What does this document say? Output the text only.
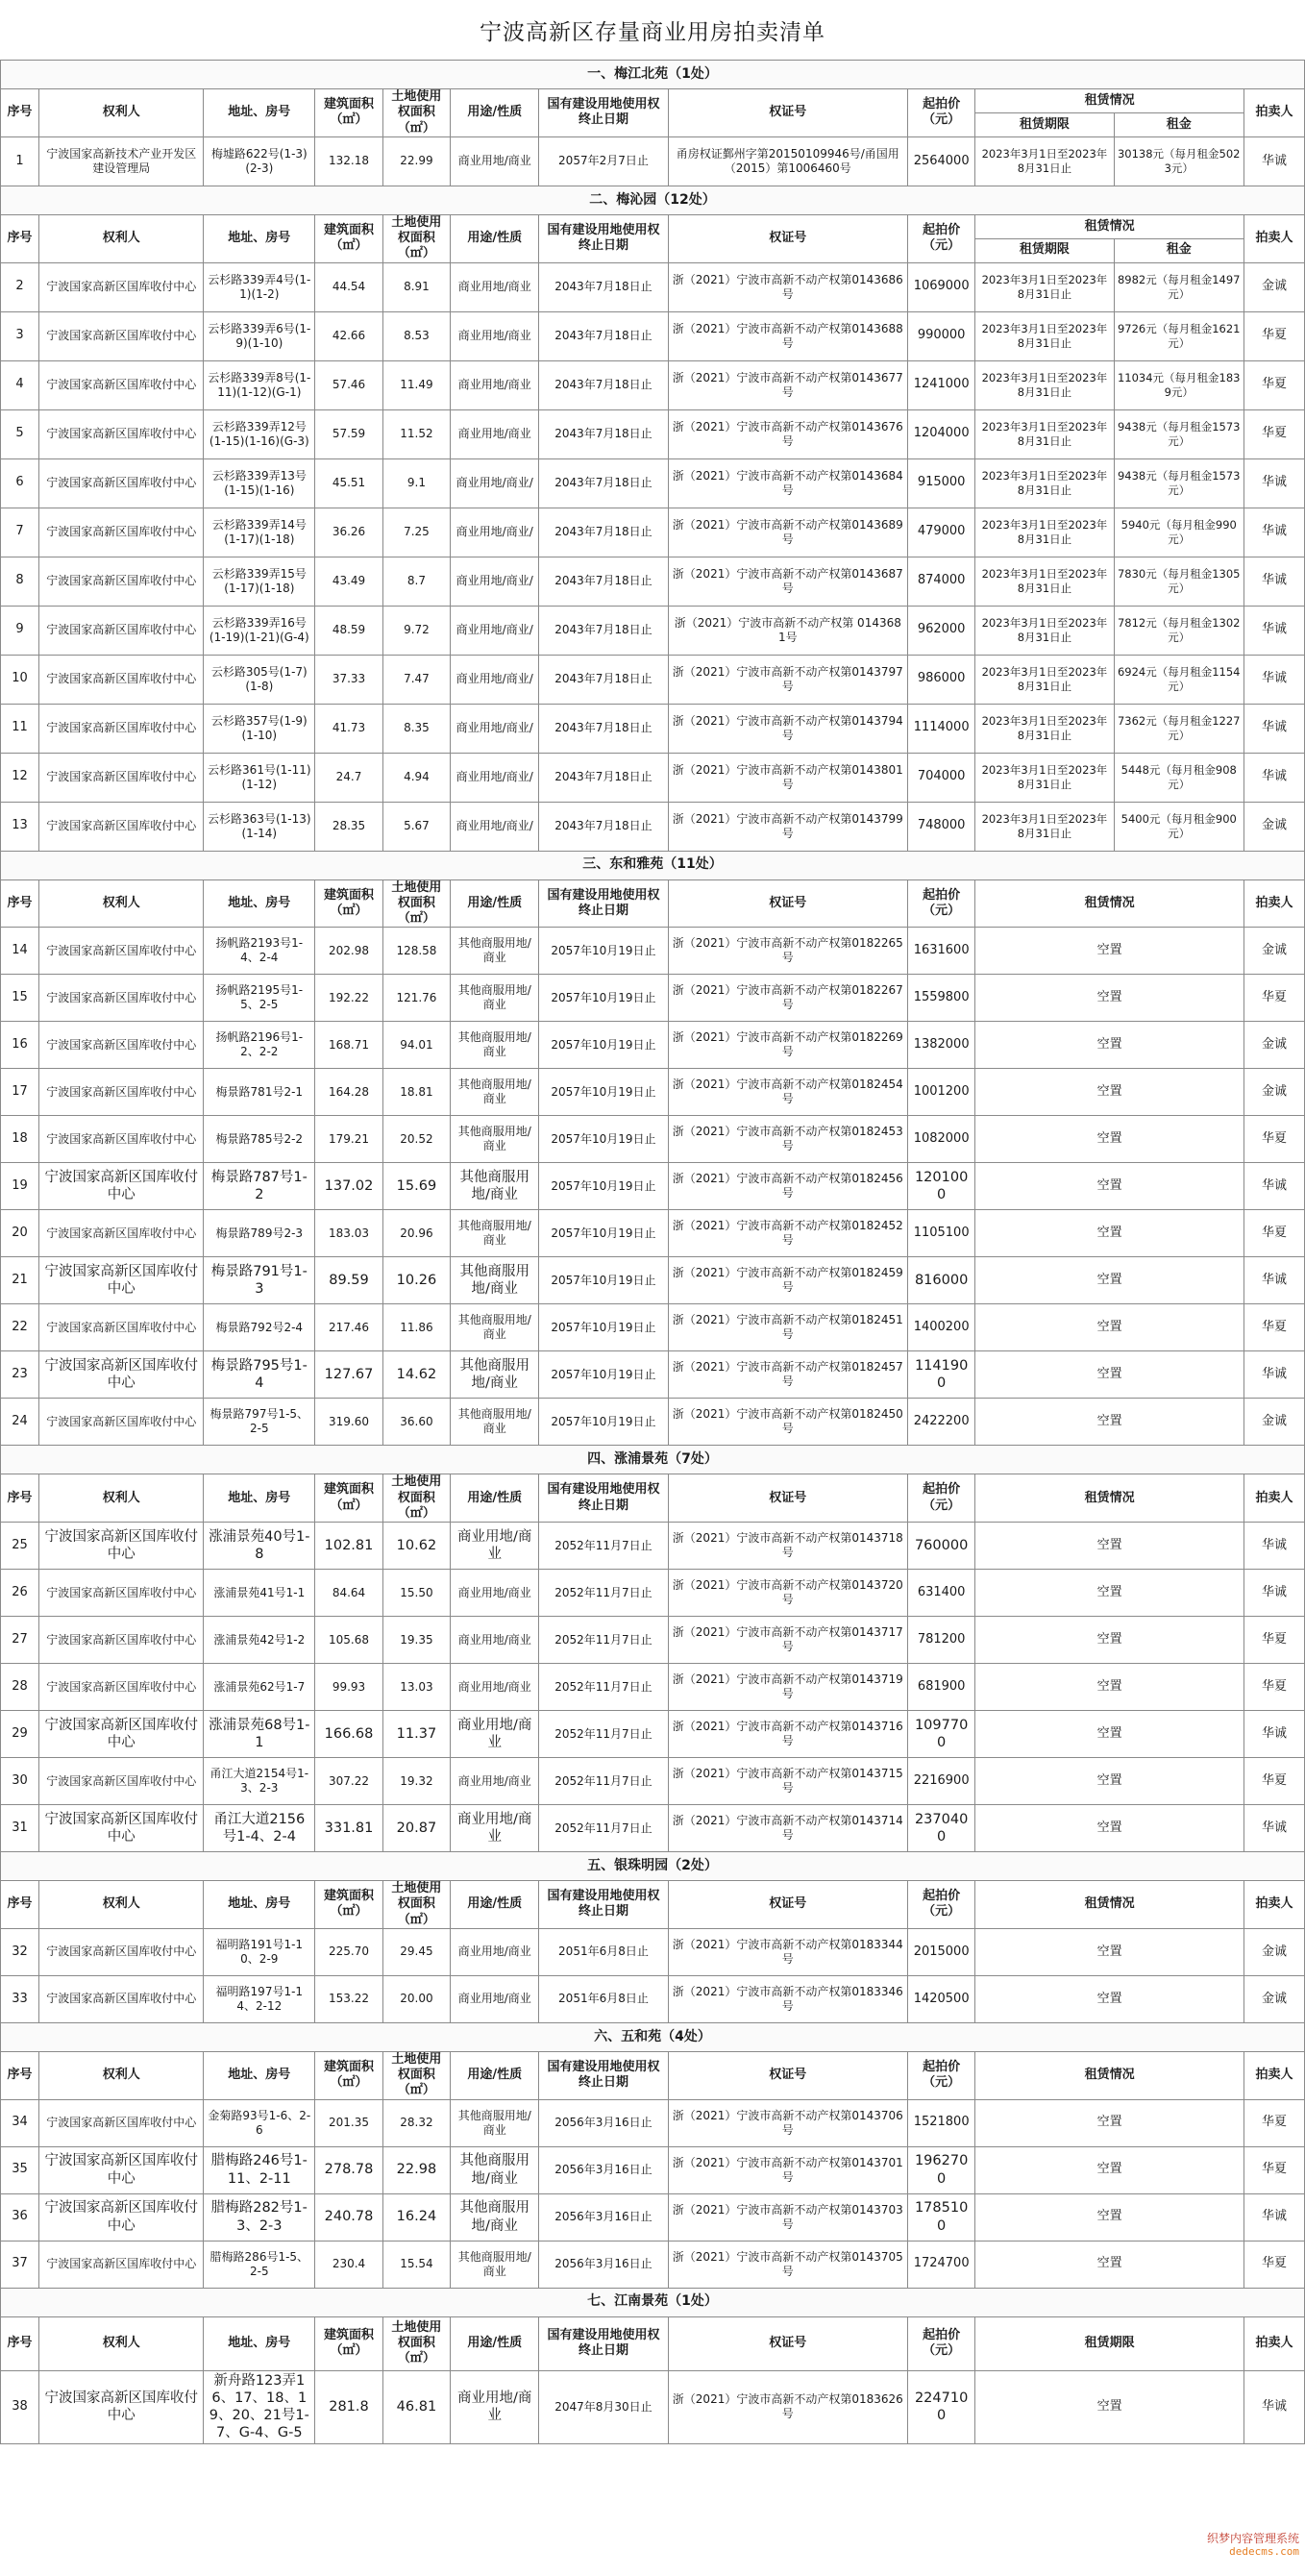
宁波高新区存量商业用房拍卖清单
一、梅江北苑（1处）											
序号	权利人	地址、房号	建筑面积（㎡）	土地使用权面积（㎡）	用途/性质	国有建设用地使用权终止日期	权证号	起拍价（元）	租赁情况		拍卖人
									租赁期限	租金	
1	宁波国家高新技术产业开发区建设管理局	梅墟路622号(1-3)(2-3)	132.18	22.99	商业用地/商业	2057年2月7日止	甬房权证鄞州字第20150109946号/甬国用（2015）第1006460号	2564000	2023年3月1日至2023年8月31日止	30138元（每月租金5023元）	华诚
二、梅沁园（12处）											
序号	权利人	地址、房号	建筑面积（㎡）	土地使用权面积（㎡）	用途/性质	国有建设用地使用权终止日期	权证号	起拍价（元）	租赁情况		拍卖人
									租赁期限	租金	
2	宁波国家高新区国库收付中心	云杉路339弄4号(1-1)(1-2)	44.54	8.91	商业用地/商业	2043年7月18日止	浙（2021）宁波市高新不动产权第0143686号	1069000	2023年3月1日至2023年8月31日止	8982元（每月租金1497元）	金诚
3	宁波国家高新区国库收付中心	云杉路339弄6号(1-9)(1-10)	42.66	8.53	商业用地/商业	2043年7月18日止	浙（2021）宁波市高新不动产权第0143688号	990000	2023年3月1日至2023年8月31日止	9726元（每月租金1621元）	华夏
4	宁波国家高新区国库收付中心	云杉路339弄8号(1-11)(1-12)(G-1)	57.46	11.49	商业用地/商业	2043年7月18日止	浙（2021）宁波市高新不动产权第0143677号	1241000	2023年3月1日至2023年8月31日止	11034元（每月租金1839元）	华夏
5	宁波国家高新区国库收付中心	云杉路339弄12号(1-15)(1-16)(G-3)	57.59	11.52	商业用地/商业	2043年7月18日止	浙（2021）宁波市高新不动产权第0143676号	1204000	2023年3月1日至2023年8月31日止	9438元（每月租金1573元）	华夏
6	宁波国家高新区国库收付中心	云杉路339弄13号(1-15)(1-16)	45.51	9.1	商业用地/商业/	2043年7月18日止	浙（2021）宁波市高新不动产权第0143684号	915000	2023年3月1日至2023年8月31日止	9438元（每月租金1573元）	华诚
7	宁波国家高新区国库收付中心	云杉路339弄14号(1-17)(1-18)	36.26	7.25	商业用地/商业/	2043年7月18日止	浙（2021）宁波市高新不动产权第0143689号	479000	2023年3月1日至2023年8月31日止	5940元（每月租金990元）	华诚
8	宁波国家高新区国库收付中心	云杉路339弄15号(1-17)(1-18)	43.49	8.7	商业用地/商业/	2043年7月18日止	浙（2021）宁波市高新不动产权第0143687号	874000	2023年3月1日至2023年8月31日止	7830元（每月租金1305元）	华诚
9	宁波国家高新区国库收付中心	云杉路339弄16号(1-19)(1-21)(G-4)	48.59	9.72	商业用地/商业/	2043年7月18日止	浙（2021）宁波市高新不动产权第 0143681号	962000	2023年3月1日至2023年8月31日止	7812元（每月租金1302元）	华诚
10	宁波国家高新区国库收付中心	云杉路305号(1-7)(1-8)	37.33	7.47	商业用地/商业/	2043年7月18日止	浙（2021）宁波市高新不动产权第0143797号	986000	2023年3月1日至2023年8月31日止	6924元（每月租金1154元）	华诚
11	宁波国家高新区国库收付中心	云杉路357号(1-9)(1-10)	41.73	8.35	商业用地/商业/	2043年7月18日止	浙（2021）宁波市高新不动产权第0143794号	1114000	2023年3月1日至2023年8月31日止	7362元（每月租金1227元）	华诚
12	宁波国家高新区国库收付中心	云杉路361号(1-11)(1-12)	24.7	4.94	商业用地/商业/	2043年7月18日止	浙（2021）宁波市高新不动产权第0143801号	704000	2023年3月1日至2023年8月31日止	5448元（每月租金908元）	华诚
13	宁波国家高新区国库收付中心	云杉路363号(1-13)(1-14)	28.35	5.67	商业用地/商业/	2043年7月18日止	浙（2021）宁波市高新不动产权第0143799号	748000	2023年3月1日至2023年8月31日止	5400元（每月租金900元）	金诚
三、东和雅苑（11处）											
序号	权利人	地址、房号	建筑面积（㎡）	土地使用权面积（㎡）	用途/性质	国有建设用地使用权终止日期	权证号	起拍价（元）	租赁情况		拍卖人
14	宁波国家高新区国库收付中心	扬帆路2193号1-4、2-4	202.98	128.58	其他商服用地/商业	2057年10月19日止	浙（2021）宁波市高新不动产权第0182265号	1631600	空置		金诚
15	宁波国家高新区国库收付中心	扬帆路2195号1-5、2-5	192.22	121.76	其他商服用地/商业	2057年10月19日止	浙（2021）宁波市高新不动产权第0182267号	1559800	空置		华夏
16	宁波国家高新区国库收付中心	扬帆路2196号1-2、2-2	168.71	94.01	其他商服用地/商业	2057年10月19日止	浙（2021）宁波市高新不动产权第0182269号	1382000	空置		金诚
17	宁波国家高新区国库收付中心	梅景路781号2-1	164.28	18.81	其他商服用地/商业	2057年10月19日止	浙（2021）宁波市高新不动产权第0182454号	1001200	空置		金诚
18	宁波国家高新区国库收付中心	梅景路785号2-2	179.21	20.52	其他商服用地/商业	2057年10月19日止	浙（2021）宁波市高新不动产权第0182453号	1082000	空置		华夏
19	宁波国家高新区国库收付中心	梅景路787号1-2	137.02	15.69	其他商服用地/商业	2057年10月19日止	浙（2021）宁波市高新不动产权第0182456号	1201000	空置		华诚
20	宁波国家高新区国库收付中心	梅景路789号2-3	183.03	20.96	其他商服用地/商业	2057年10月19日止	浙（2021）宁波市高新不动产权第0182452号	1105100	空置		华夏
21	宁波国家高新区国库收付中心	梅景路791号1-3	89.59	10.26	其他商服用地/商业	2057年10月19日止	浙（2021）宁波市高新不动产权第0182459号	816000	空置		华诚
22	宁波国家高新区国库收付中心	梅景路792号2-4	217.46	11.86	其他商服用地/商业	2057年10月19日止	浙（2021）宁波市高新不动产权第0182451号	1400200	空置		华夏
23	宁波国家高新区国库收付中心	梅景路795号1-4	127.67	14.62	其他商服用地/商业	2057年10月19日止	浙（2021）宁波市高新不动产权第0182457号	1141900	空置		华诚
24	宁波国家高新区国库收付中心	梅景路797号1-5、2-5	319.60	36.60	其他商服用地/商业	2057年10月19日止	浙（2021）宁波市高新不动产权第0182450号	2422200	空置		金诚
四、涨浦景苑（7处）											
序号	权利人	地址、房号	建筑面积（㎡）	土地使用权面积（㎡）	用途/性质	国有建设用地使用权终止日期	权证号	起拍价（元）	租赁情况		拍卖人
25	宁波国家高新区国库收付中心	涨浦景苑40号1-8	102.81	10.62	商业用地/商业	2052年11月7日止	浙（2021）宁波市高新不动产权第0143718号	760000	空置		华诚
26	宁波国家高新区国库收付中心	涨浦景苑41号1-1	84.64	15.50	商业用地/商业	2052年11月7日止	浙（2021）宁波市高新不动产权第0143720号	631400	空置		华诚
27	宁波国家高新区国库收付中心	涨浦景苑42号1-2	105.68	19.35	商业用地/商业	2052年11月7日止	浙（2021）宁波市高新不动产权第0143717号	781200	空置		华夏
28	宁波国家高新区国库收付中心	涨浦景苑62号1-7	99.93	13.03	商业用地/商业	2052年11月7日止	浙（2021）宁波市高新不动产权第0143719号	681900	空置		华夏
29	宁波国家高新区国库收付中心	涨浦景苑68号1-1	166.68	11.37	商业用地/商业	2052年11月7日止	浙（2021）宁波市高新不动产权第0143716号	1097700	空置		华诚
30	宁波国家高新区国库收付中心	甬江大道2154号1-3、2-3	307.22	19.32	商业用地/商业	2052年11月7日止	浙（2021）宁波市高新不动产权第0143715号	2216900	空置		华夏
31	宁波国家高新区国库收付中心	甬江大道2156号1-4、2-4	331.81	20.87	商业用地/商业	2052年11月7日止	浙（2021）宁波市高新不动产权第0143714号	2370400	空置		华诚
五、银珠明园（2处）											
序号	权利人	地址、房号	建筑面积（㎡）	土地使用权面积（㎡）	用途/性质	国有建设用地使用权终止日期	权证号	起拍价（元）	租赁情况		拍卖人
32	宁波国家高新区国库收付中心	福明路191号1-10、2-9	225.70	29.45	商业用地/商业	2051年6月8日止	浙（2021）宁波市高新不动产权第0183344号	2015000	空置		金诚
33	宁波国家高新区国库收付中心	福明路197号1-14、2-12	153.22	20.00	商业用地/商业	2051年6月8日止	浙（2021）宁波市高新不动产权第0183346号	1420500	空置		金诚
六、五和苑（4处）											
序号	权利人	地址、房号	建筑面积（㎡）	土地使用权面积（㎡）	用途/性质	国有建设用地使用权终止日期	权证号	起拍价（元）	租赁情况		拍卖人
34	宁波国家高新区国库收付中心	金菊路93号1-6、2-6	201.35	28.32	其他商服用地/商业	2056年3月16日止	浙（2021）宁波市高新不动产权第0143706号	1521800	空置		华夏
35	宁波国家高新区国库收付中心	腊梅路246号1-11、2-11	278.78	22.98	其他商服用地/商业	2056年3月16日止	浙（2021）宁波市高新不动产权第0143701号	1962700	空置		华夏
36	宁波国家高新区国库收付中心	腊梅路282号1-3、2-3	240.78	16.24	其他商服用地/商业	2056年3月16日止	浙（2021）宁波市高新不动产权第0143703号	1785100	空置		华诚
37	宁波国家高新区国库收付中心	腊梅路286号1-5、2-5	230.4	15.54	其他商服用地/商业	2056年3月16日止	浙（2021）宁波市高新不动产权第0143705号	1724700	空置		华夏
七、江南景苑（1处）											
序号	权利人	地址、房号	建筑面积（㎡）	土地使用权面积（㎡）	用途/性质	国有建设用地使用权终止日期	权证号	起拍价（元）	租赁期限		拍卖人
38	宁波国家高新区国库收付中心	新舟路123弄16、17、18、19、20、21号1-7、G-4、G-5	281.8	46.81	商业用地/商业	2047年8月30日止	浙（2021）宁波市高新不动产权第0183626号	2247100	空置		华诚
织梦内容管理系统
dedecms.com
